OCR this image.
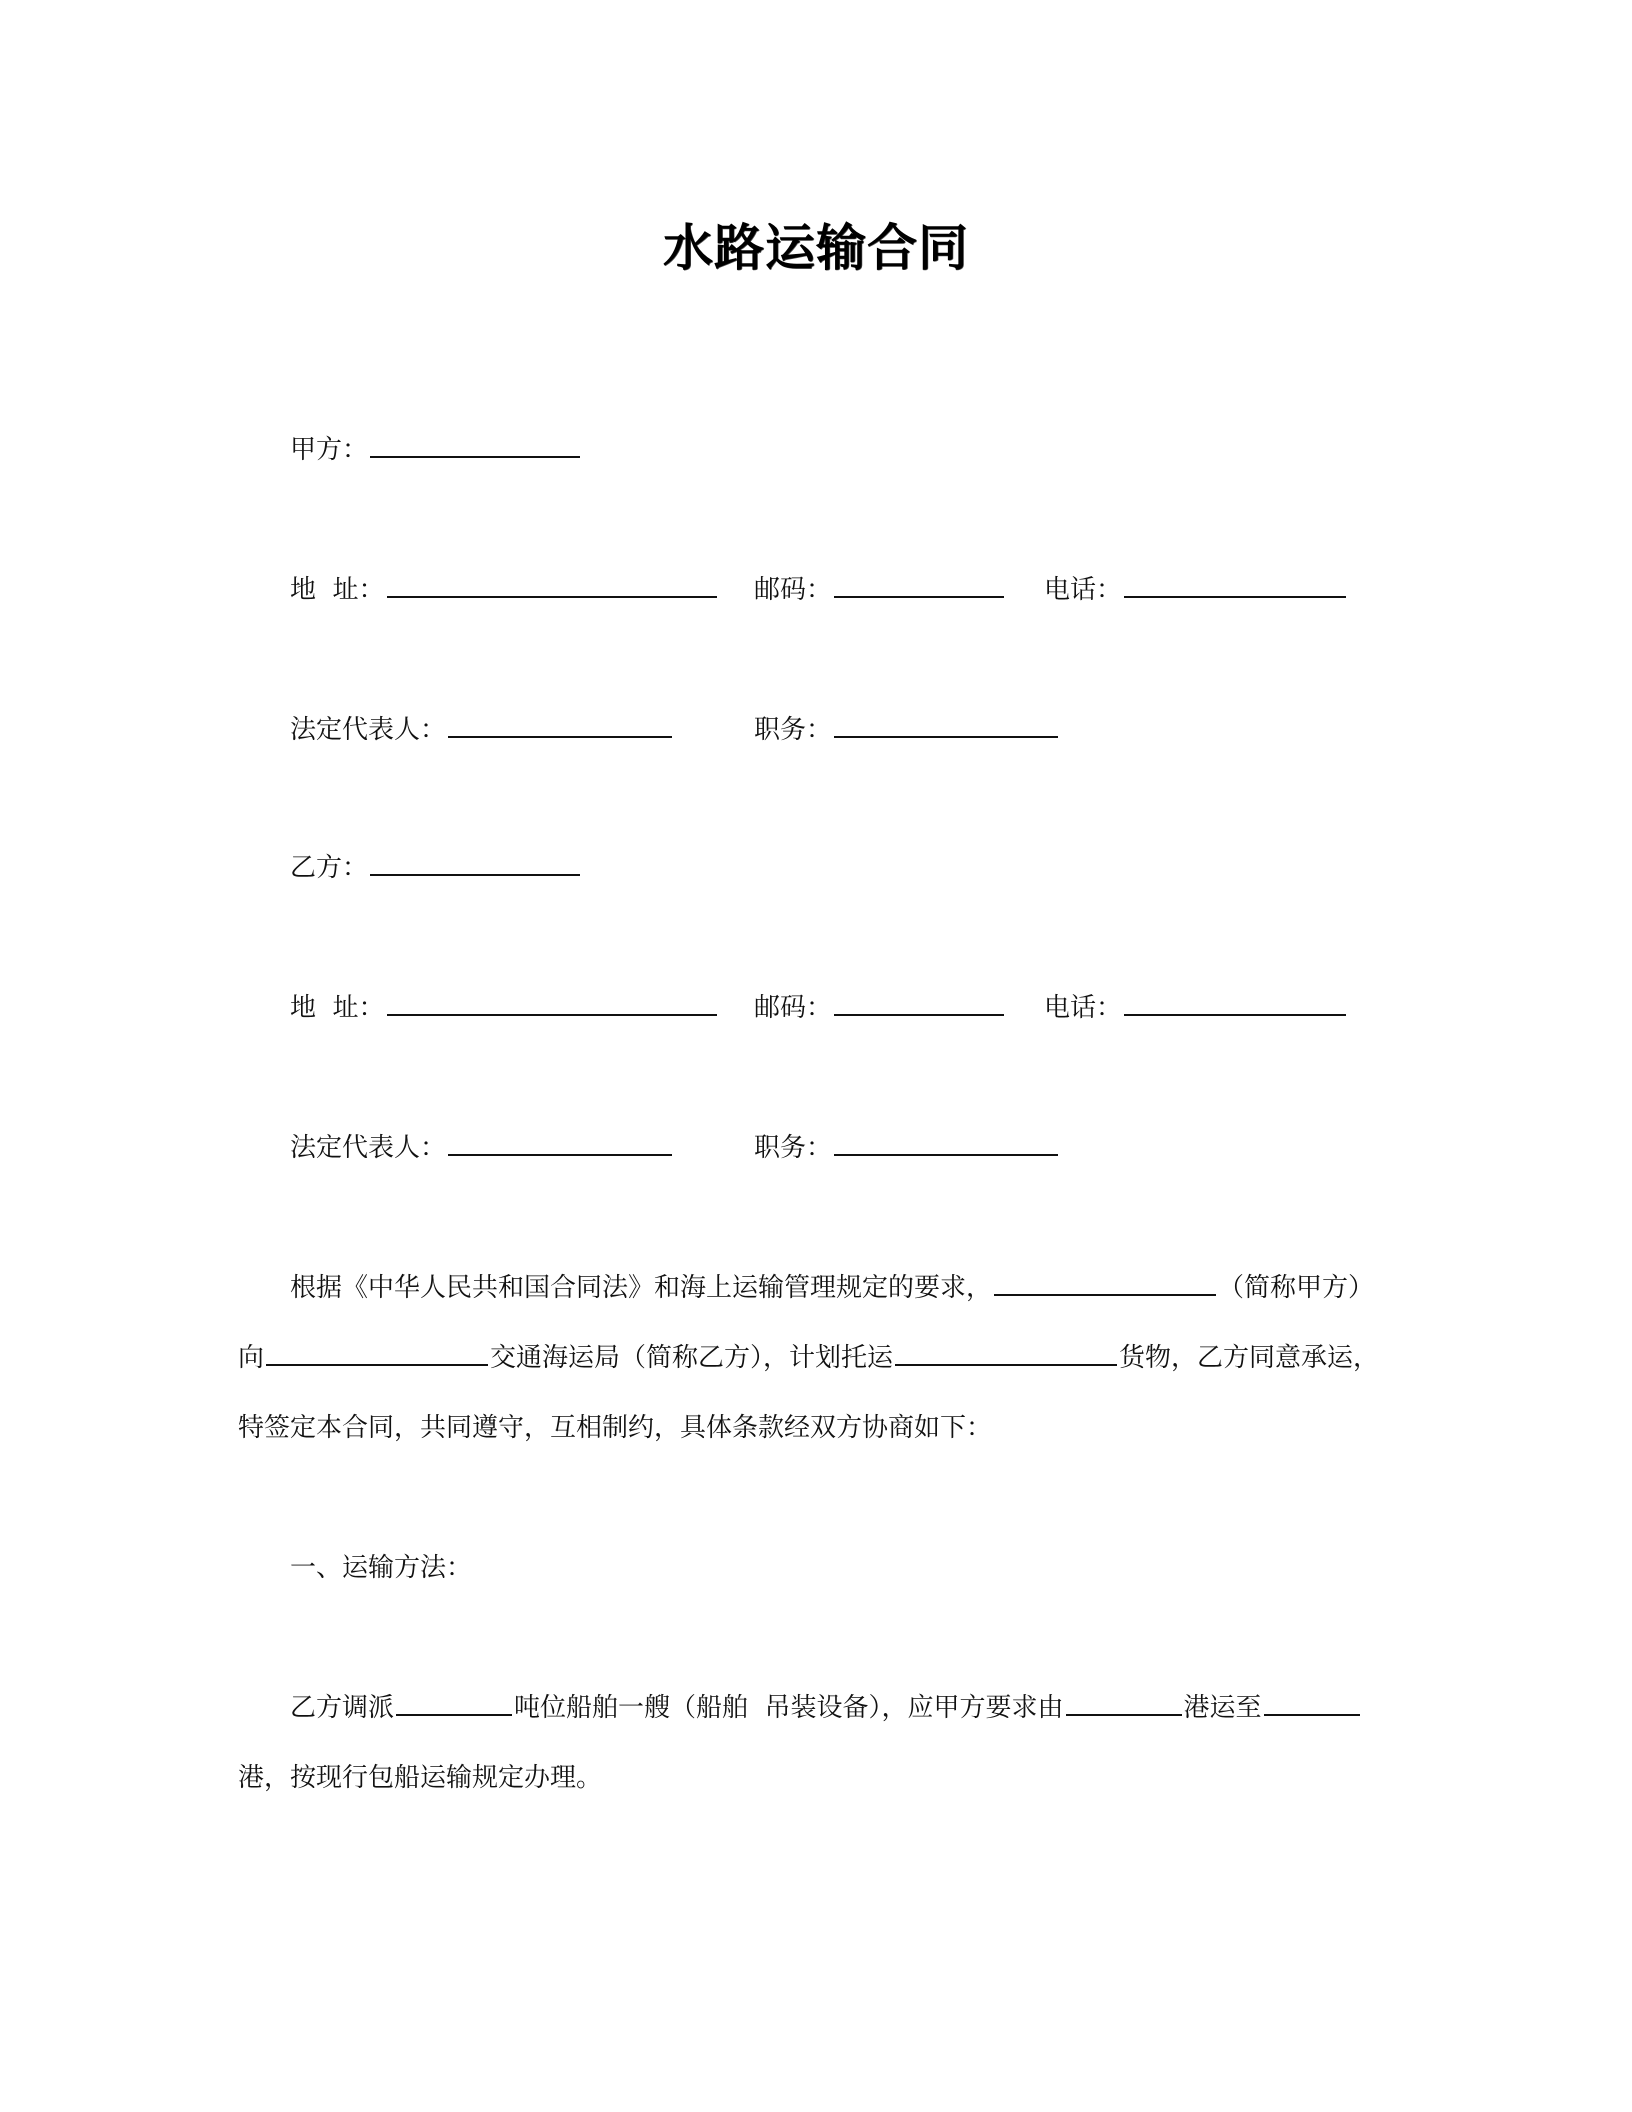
水路运输合同
甲方：
地  址：	邮码：	电话：
法定代表人：	职务：
乙方：
地  址：	邮码：	电话：
法定代表人：	职务：
根据《中华人民共和国合同法》和海上运输管理规定的要求，	（简称甲方）
向	交通海运局（简称乙方），计划托运	货物，乙方同意承运，
特签定本合同，共同遵守，互相制约，具体条款经双方协商如下：
一、运输方法：
乙方调派	吨位船舶一艘（船舶  吊装设备），应甲方要求由	港运至
港，按现行包船运输规定办理。
